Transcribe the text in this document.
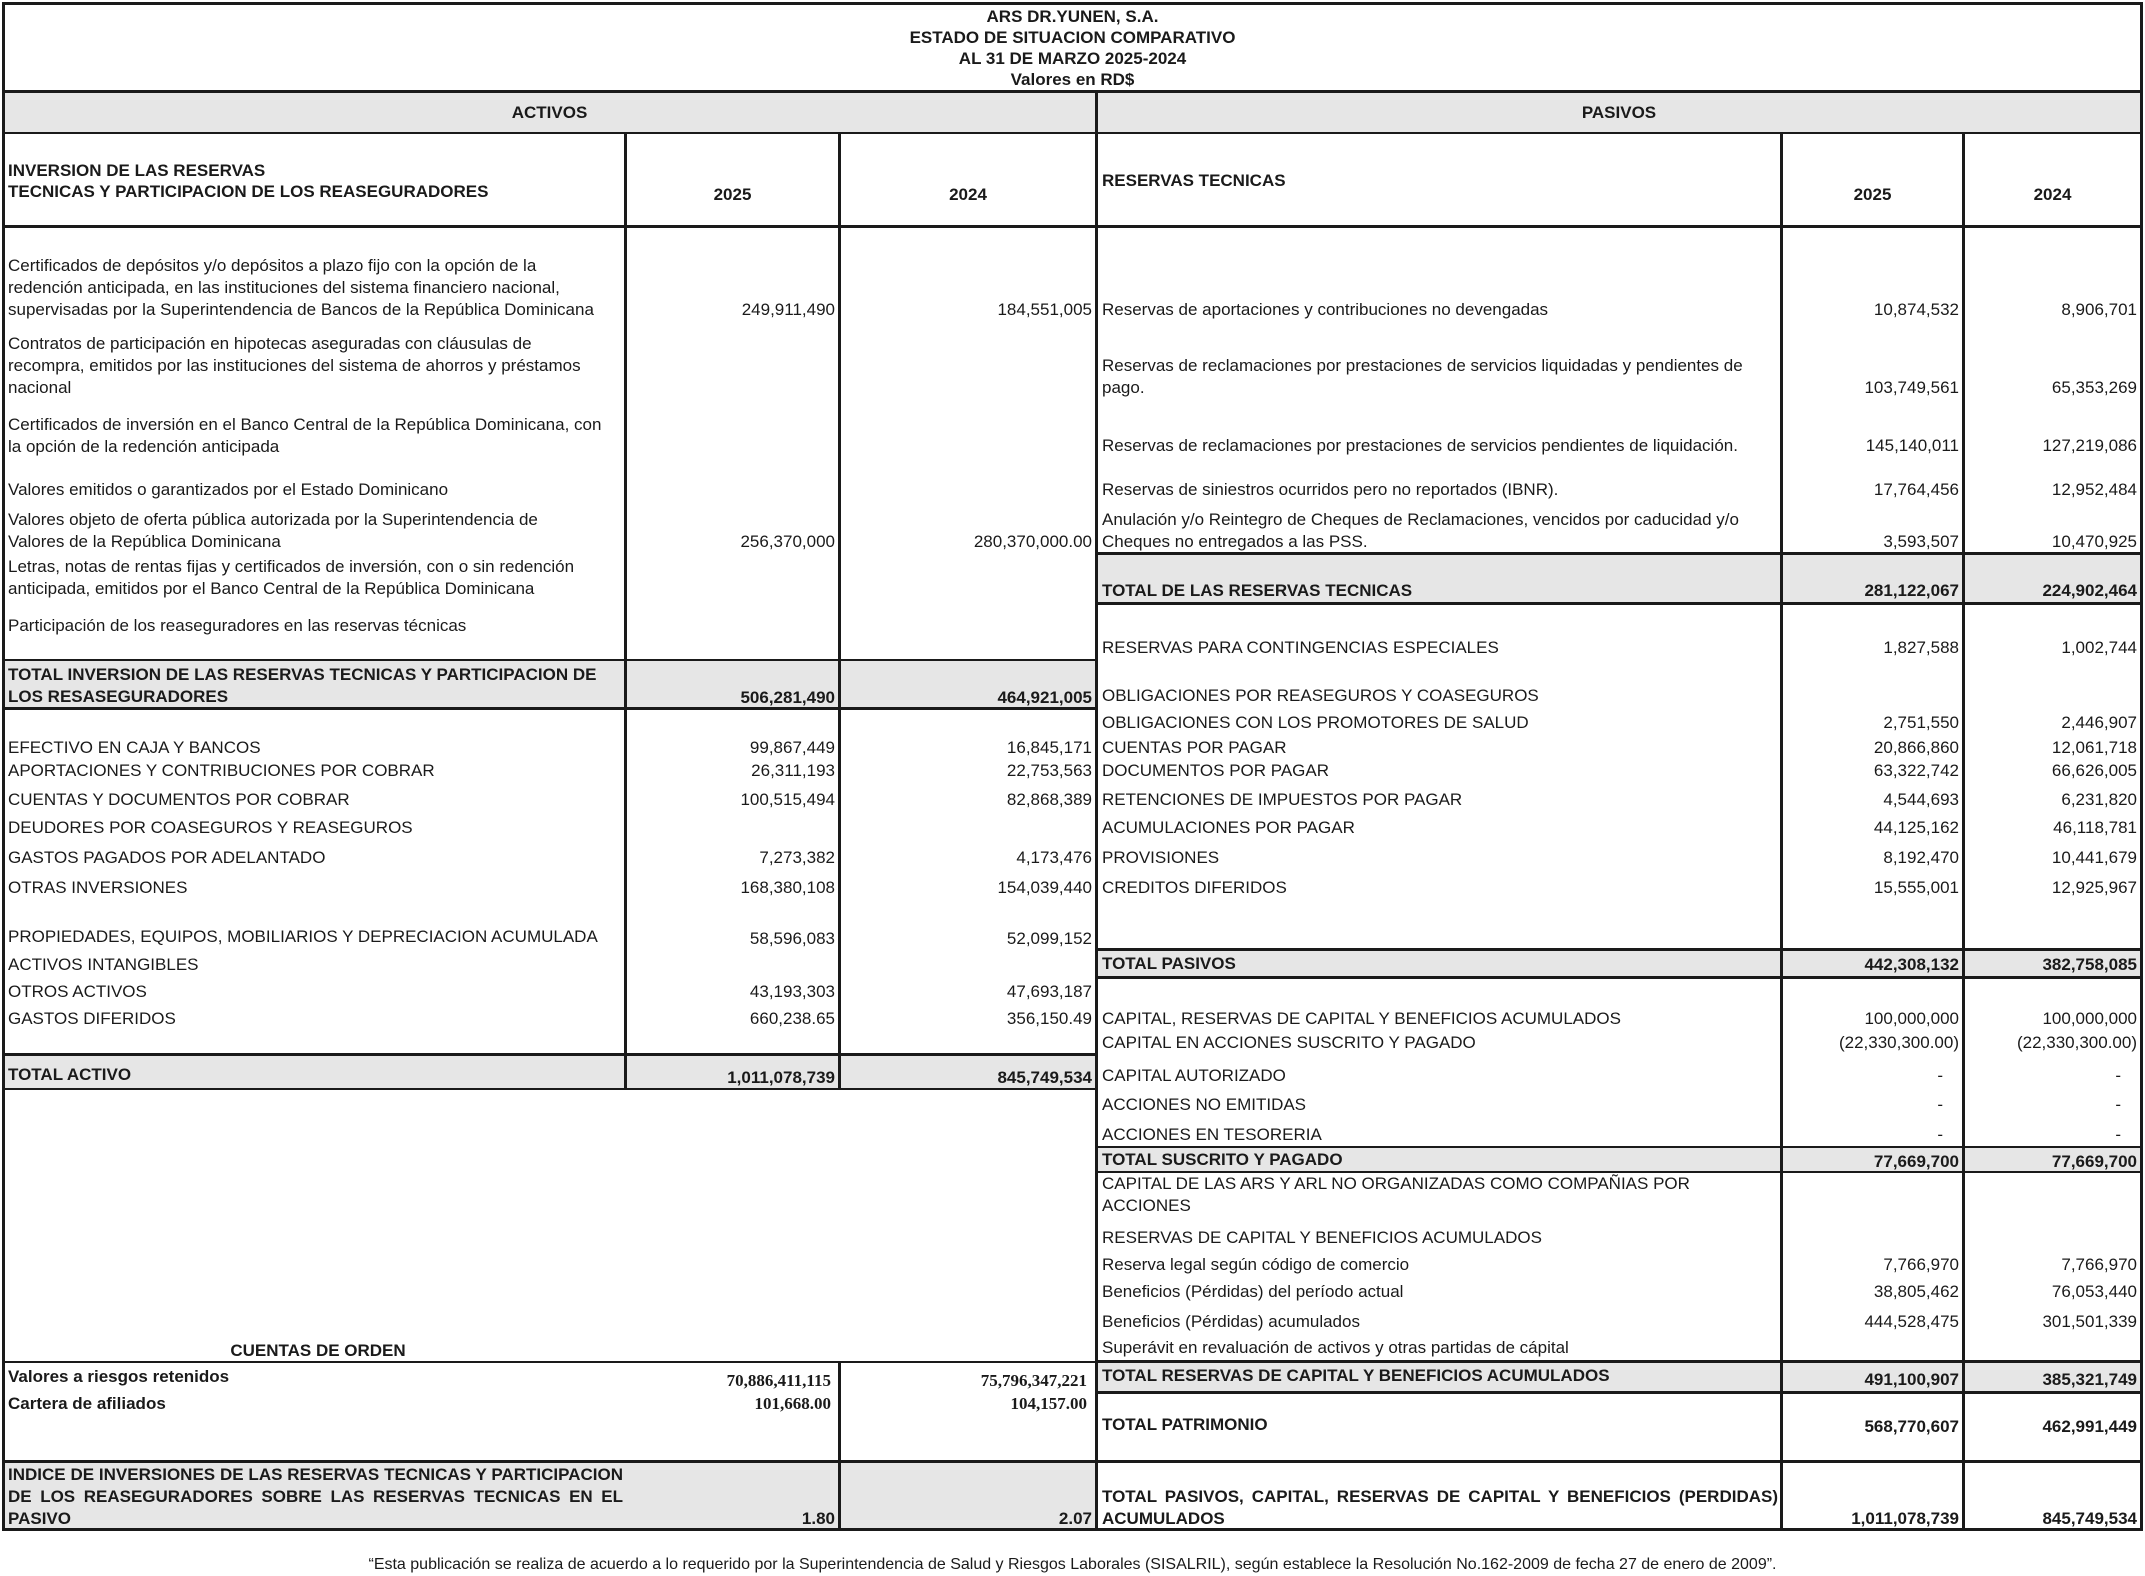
ARS DR.YUNEN, S.A.
ESTADO DE SITUACION COMPARATIVO
AL 31 DE MARZO 2025-2024
Valores en RD$
ACTIVOS	PASIVOS
INVERSION DE LAS RESERVAS
TECNICAS Y PARTICIPACION DE LOS REASEGURADORES	2025	2024
RESERVAS TECNICAS
2025	2024
Certificados de depósitos y/o depósitos a plazo fijo con la opción de la redención anticipada, en las instituciones del sistema financiero nacional, supervisadas por la Superintendencia de Bancos de la República Dominicana	249,911,490	184,551,005
Contratos de participación en hipotecas aseguradas con cláusulas de recompra, emitidos por las instituciones del sistema de ahorros y préstamos nacional
Certificados de inversión en el Banco Central de la República Dominicana, con la opción de la redención anticipada
Valores emitidos o garantizados por el Estado Dominicano
Valores objeto de oferta pública autorizada por la Superintendencia de Valores de la República Dominicana	256,370,000	280,370,000.00
Letras, notas de rentas fijas y certificados de inversión, con o sin redención anticipada, emitidos por el Banco Central de la República Dominicana
Participación de los reaseguradores en las reservas técnicas
TOTAL INVERSION DE LAS RESERVAS TECNICAS Y PARTICIPACION DE LOS RESASEGURADORES	506,281,490	464,921,005
EFECTIVO EN CAJA Y BANCOS	99,867,449	16,845,171
APORTACIONES Y CONTRIBUCIONES POR COBRAR	26,311,193	22,753,563
CUENTAS Y DOCUMENTOS POR COBRAR	100,515,494	82,868,389
DEUDORES POR COASEGUROS Y REASEGUROS
GASTOS PAGADOS POR ADELANTADO	7,273,382	4,173,476
OTRAS INVERSIONES	168,380,108	154,039,440
PROPIEDADES, EQUIPOS, MOBILIARIOS Y DEPRECIACION ACUMULADA	58,596,083	52,099,152
ACTIVOS INTANGIBLES
OTROS ACTIVOS	43,193,303	47,693,187
GASTOS DIFERIDOS	660,238.65	356,150.49
TOTAL ACTIVO	1,011,078,739	845,749,534
CUENTAS DE ORDEN
Valores a riesgos retenidos	70,886,411,115	75,796,347,221
Cartera de afiliados	101,668.00	104,157.00
INDICE DE INVERSIONES DE LAS RESERVAS TECNICAS Y PARTICIPACION DE LOS REASEGURADORES SOBRE LAS RESERVAS TECNICAS EN EL PASIVO	1.80	2.07
Reservas de aportaciones y contribuciones no devengadas	10,874,532	8,906,701
Reservas de reclamaciones por prestaciones de servicios liquidadas y pendientes de pago.	103,749,561	65,353,269
Reservas de reclamaciones por prestaciones de servicios pendientes de liquidación.	145,140,011	127,219,086
Reservas de siniestros ocurridos pero no reportados (IBNR).	17,764,456	12,952,484
Anulación y/o Reintegro de Cheques de Reclamaciones, vencidos por caducidad y/o Cheques no entregados a las PSS.	3,593,507	10,470,925
TOTAL DE LAS RESERVAS TECNICAS	281,122,067	224,902,464
RESERVAS PARA CONTINGENCIAS ESPECIALES	1,827,588	1,002,744
OBLIGACIONES POR REASEGUROS Y COASEGUROS
OBLIGACIONES CON LOS PROMOTORES DE SALUD	2,751,550	2,446,907
CUENTAS POR PAGAR	20,866,860	12,061,718
DOCUMENTOS POR PAGAR	63,322,742	66,626,005
RETENCIONES DE IMPUESTOS POR PAGAR	4,544,693	6,231,820
ACUMULACIONES POR PAGAR	44,125,162	46,118,781
PROVISIONES	8,192,470	10,441,679
CREDITOS DIFERIDOS	15,555,001	12,925,967
TOTAL PASIVOS	442,308,132	382,758,085
CAPITAL, RESERVAS DE CAPITAL Y BENEFICIOS ACUMULADOS	100,000,000	100,000,000
CAPITAL EN ACCIONES SUSCRITO Y PAGADO	(22,330,300.00)	(22,330,300.00)
CAPITAL AUTORIZADO	-	-
ACCIONES NO EMITIDAS	-	-
ACCIONES EN TESORERIA	-	-
TOTAL SUSCRITO Y PAGADO	77,669,700	77,669,700
CAPITAL DE LAS ARS Y ARL NO ORGANIZADAS COMO COMPAÑIAS POR ACCIONES
RESERVAS DE CAPITAL Y BENEFICIOS ACUMULADOS
Reserva legal según código de comercio	7,766,970	7,766,970
Beneficios (Pérdidas) del período actual	38,805,462	76,053,440
Beneficios (Pérdidas) acumulados	444,528,475	301,501,339
Superávit en revaluación de activos y otras partidas de cápital
TOTAL RESERVAS DE CAPITAL Y BENEFICIOS ACUMULADOS	491,100,907	385,321,749
TOTAL PATRIMONIO	568,770,607	462,991,449
TOTAL PASIVOS, CAPITAL, RESERVAS DE CAPITAL Y BENEFICIOS (PERDIDAS) ACUMULADOS	1,011,078,739	845,749,534
“Esta publicación se realiza de acuerdo a lo requerido por la Superintendencia de Salud y Riesgos Laborales (SISALRIL), según establece la Resolución No.162-2009 de fecha 27 de enero de 2009”.
